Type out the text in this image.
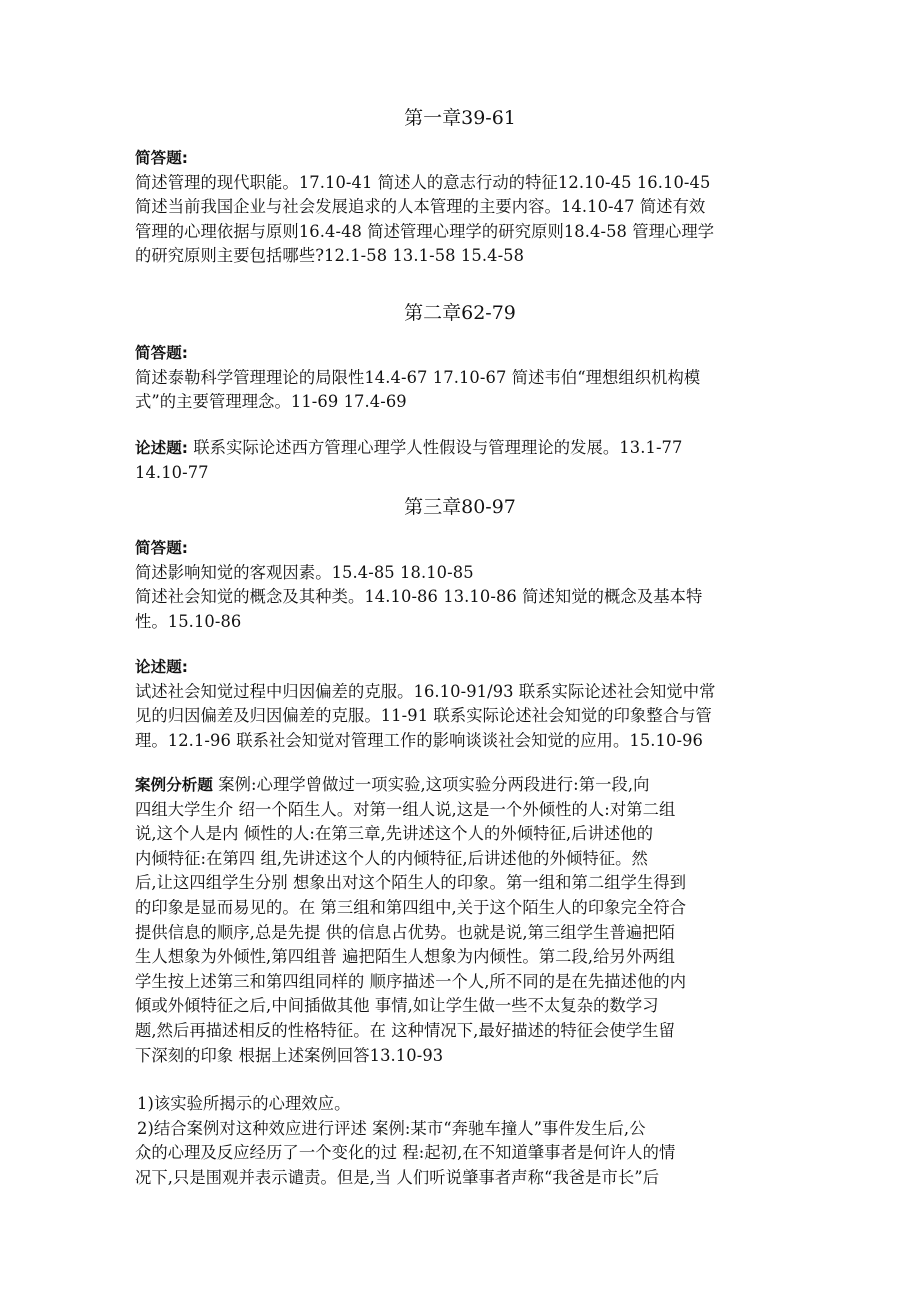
第一章39-61
简答题:
简述管理的现代职能。17.10-41 简述人的意志行动的特征12.10-45 16.10-45
简述当前我国企业与社会发展追求的人本管理的主要内容。14.10-47 简述有效
管理的心理依据与原则16.4-48 简述管理心理学的研究原则18.4-58 管理心理学
的研究原则主要包括哪些?12.1-58 13.1-58 15.4-58
第二章62-79
简答题:
简述泰勒科学管理理论的局限性14.4-67 17.10-67 简述韦伯“理想组织机构模
式”的主要管理理念。11-69 17.4-69
论述题: 联系实际论述西方管理心理学人性假设与管理理论的发展。13.1-77
14.10-77
第三章80-97
简答题:
简述影响知觉的客观因素。15.4-85 18.10-85
简述社会知觉的概念及其种类。14.10-86 13.10-86 简述知觉的概念及基本特
性。15.10-86
论述题:
试述社会知觉过程中归因偏差的克服。16.10-91/93 联系实际论述社会知觉中常
见的归因偏差及归因偏差的克服。11-91 联系实际论述社会知觉的印象整合与管
理。12.1-96 联系社会知觉对管理工作的影响谈谈社会知觉的应用。15.10-96
案例分析题 案例:心理学曾做过一项实验,这项实验分两段进行:第一段,向
四组大学生介 绍一个陌生人。对第一组人说,这是一个外倾性的人:对第二组
说,这个人是内 倾性的人:在第三章,先讲述这个人的外倾特征,后讲述他的
内倾特征:在第四 组,先讲述这个人的内倾特征,后讲述他的外倾特征。然
后,让这四组学生分别 想象出对这个陌生人的印象。第一组和第二组学生得到
的印象是显而易见的。在 第三组和第四组中,关于这个陌生人的印象完全符合
提供信息的顺序,总是先提 供的信息占优势。也就是说,第三组学生普遍把陌
生人想象为外倾性,第四组普 遍把陌生人想象为内倾性。第二段,给另外两组
学生按上述第三和第四组同样的 顺序描述一个人,所不同的是在先描述他的内
傾或外傾特征之后,中间插做其他 事情,如让学生做一些不太复杂的数学习
题,然后再描述相反的性格特征。在 这种情况下,最好描述的特征会使学生留
下深刻的印象 根据上述案例回答13.10-93
1)该实验所揭示的心理效应。
2)结合案例对这种效应进行评述 案例:某市“奔驰车撞人”事件发生后,公
众的心理及反应经历了一个变化的过 程:起初,在不知道肇事者是何许人的情
况下,只是围观并表示谴责。但是,当 人们听说肇事者声称“我爸是市长”后
